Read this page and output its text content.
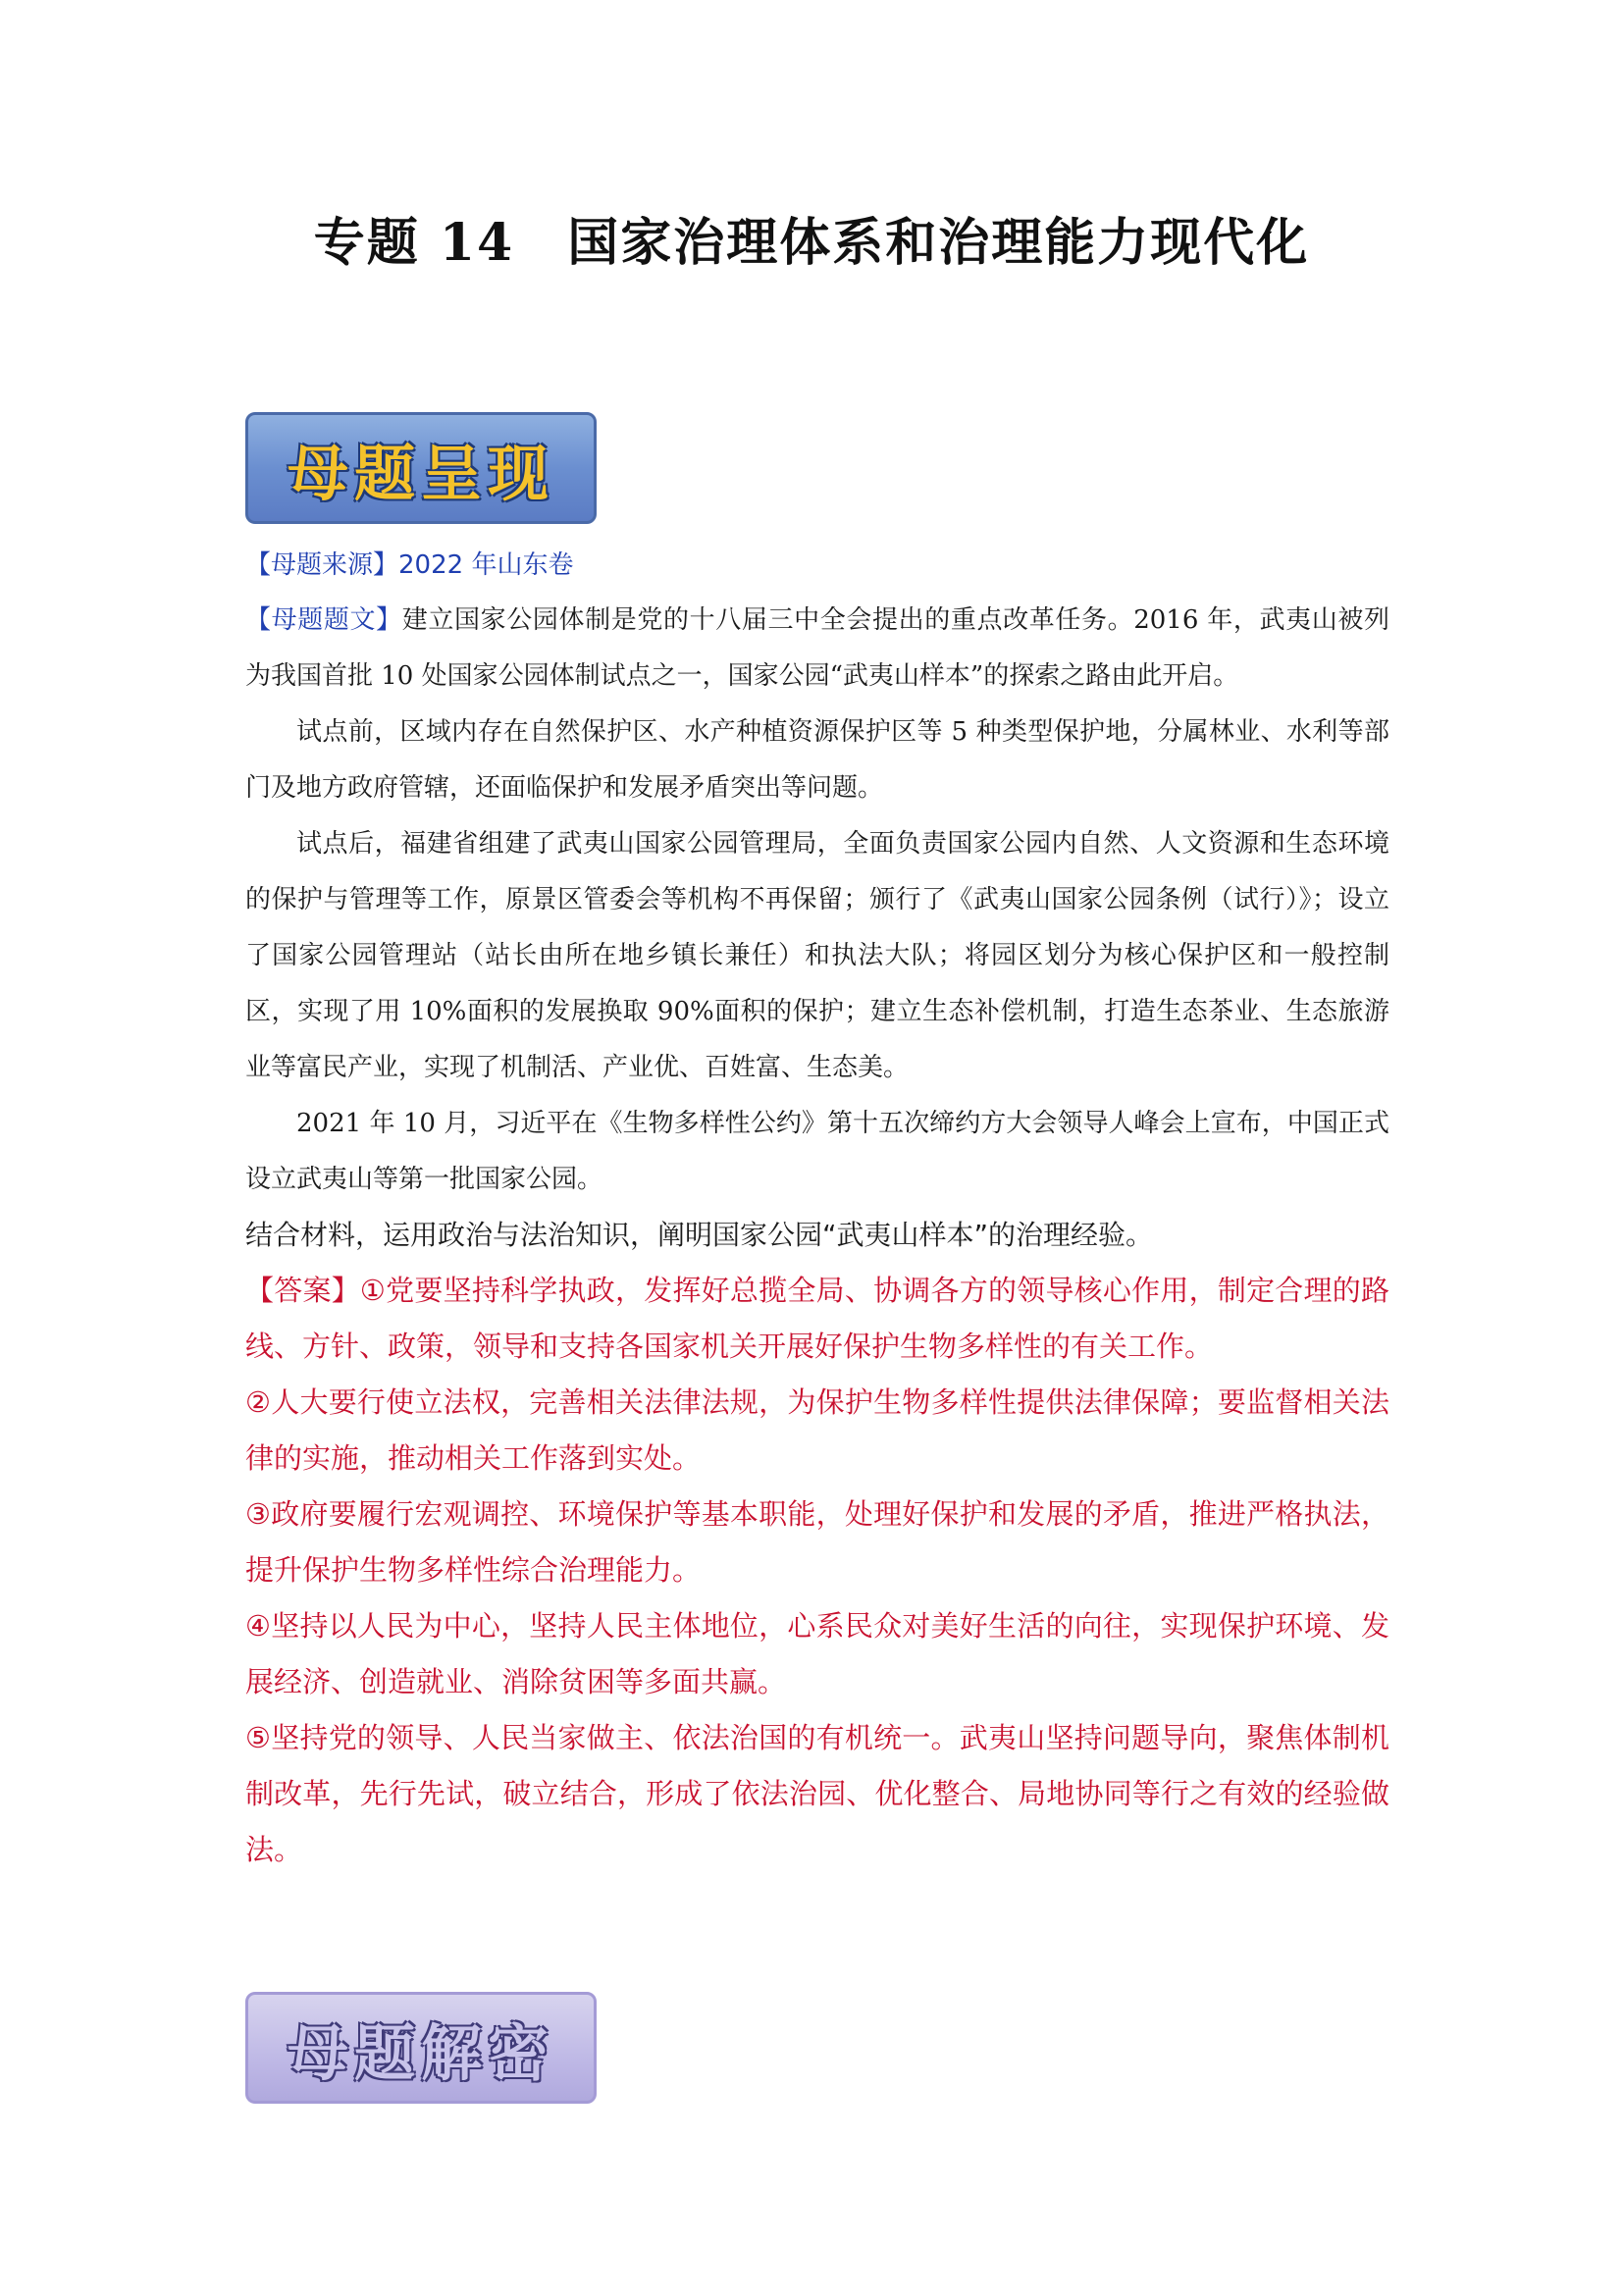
专题 14　国家治理体系和治理能力现代化
母题呈现

【母题来源】2022 年山东卷

【母题题文】建立国家公园体制是党的十八届三中全会提出的重点改革任务。2016 年，武夷山被列为我国首批 10 处国家公园体制试点之一，国家公园“武夷山样本”的探索之路由此开启。

试点前，区域内存在自然保护区、水产种植资源保护区等 5 种类型保护地，分属林业、水利等部门及地方政府管辖，还面临保护和发展矛盾突出等问题。

试点后，福建省组建了武夷山国家公园管理局，全面负责国家公园内自然、人文资源和生态环境的保护与管理等工作，原景区管委会等机构不再保留；颁行了《武夷山国家公园条例（试行）》；设立了国家公园管理站（站长由所在地乡镇长兼任）和执法大队；将园区划分为核心保护区和一般控制区，实现了用 10%面积的发展换取 90%面积的保护；建立生态补偿机制，打造生态茶业、生态旅游业等富民产业，实现了机制活、产业优、百姓富、生态美。

2021 年 10 月，习近平在《生物多样性公约》第十五次缔约方大会领导人峰会上宣布，中国正式设立武夷山等第一批国家公园。

结合材料，运用政治与法治知识，阐明国家公园“武夷山样本”的治理经验。

【答案】①党要坚持科学执政，发挥好总揽全局、协调各方的领导核心作用，制定合理的路线、方针、政策，领导和支持各国家机关开展好保护生物多样性的有关工作。

②人大要行使立法权，完善相关法律法规，为保护生物多样性提供法律保障；要监督相关法律的实施，推动相关工作落到实处。

③政府要履行宏观调控、环境保护等基本职能，处理好保护和发展的矛盾，推进严格执法，提升保护生物多样性综合治理能力。

④坚持以人民为中心，坚持人民主体地位，心系民众对美好生活的向往，实现保护环境、发展经济、创造就业、消除贫困等多面共赢。

⑤坚持党的领导、人民当家做主、依法治国的有机统一。武夷山坚持问题导向，聚焦体制机制改革，先行先试，破立结合，形成了依法治园、优化整合、局地协同等行之有效的经验做法。

母题解密
